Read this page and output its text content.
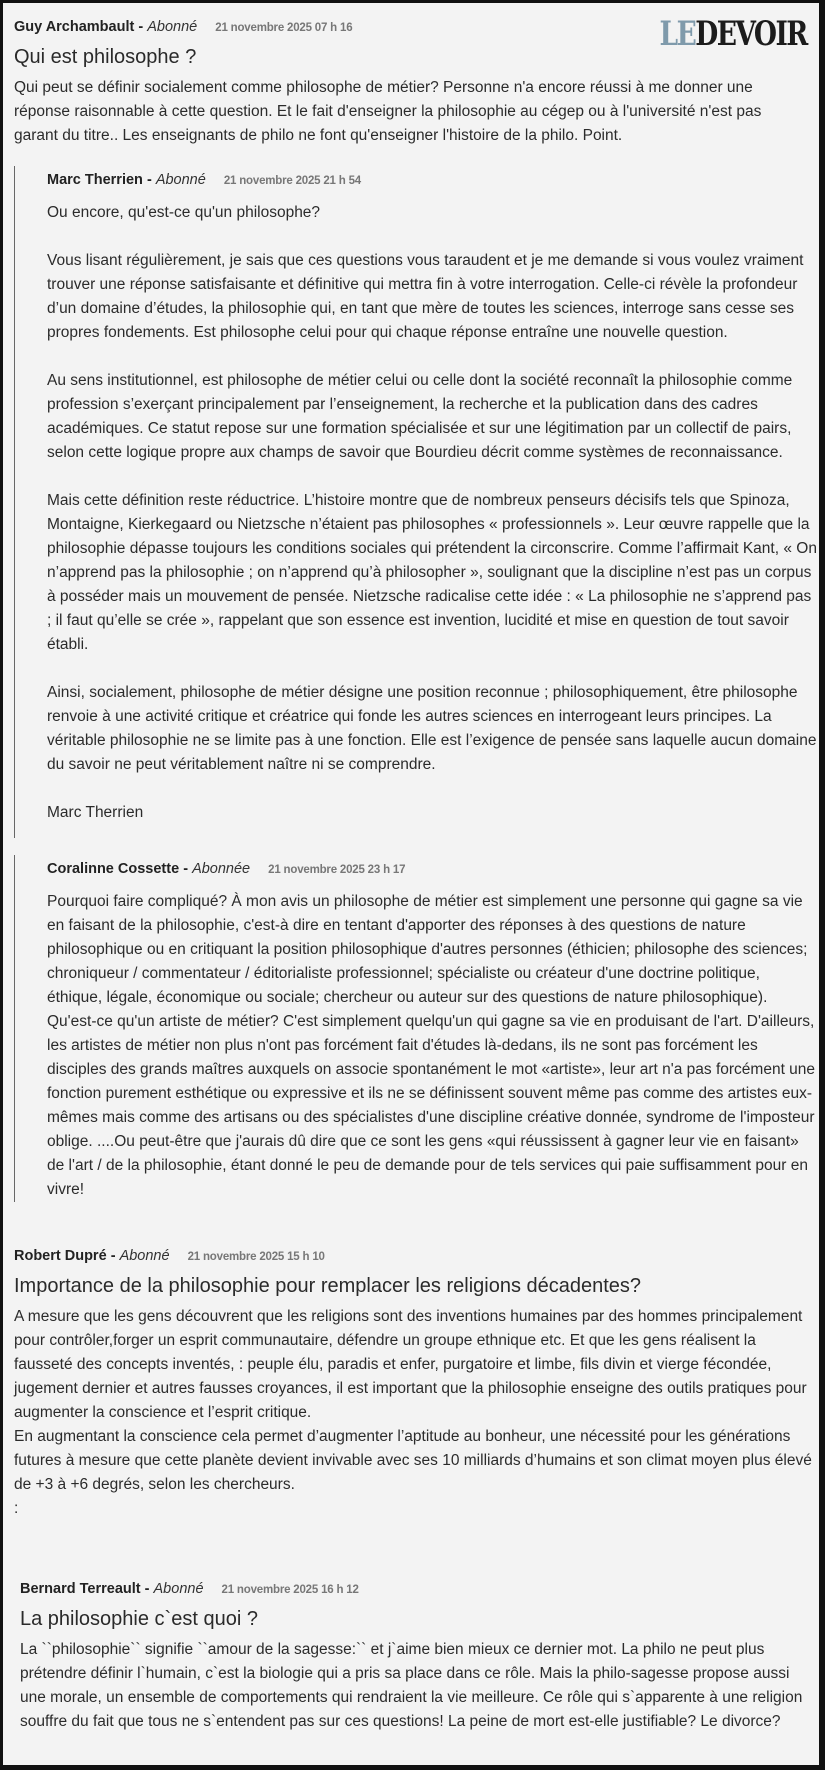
LEDEVOIR
Guy Archambault - Abonné 21 novembre 2025 07 h 16
Qui est philosophe ?

Qui peut se définir socialement comme philosophe de métier? Personne n'a encore réussi à me donner une réponse raisonnable à cette question. Et le fait d'enseigner la philosophie au cégep ou à l'université n'est pas garant du titre.. Les enseignants de philo ne font qu'enseigner l'histoire de la philo. Point.

Marc Therrien - Abonné 21 novembre 2025 21 h 54

Ou encore, qu'est-ce qu'un philosophe?

Vous lisant régulièrement, je sais que ces questions vous taraudent et je me demande si vous voulez vraiment trouver une réponse satisfaisante et définitive qui mettra fin à votre interrogation. Celle-ci révèle la profondeur d’un domaine d’études, la philosophie qui, en tant que mère de toutes les sciences, interroge sans cesse ses propres fondements. Est philosophe celui pour qui chaque réponse entraîne une nouvelle question.

Au sens institutionnel, est philosophe de métier celui ou celle dont la société reconnaît la philosophie comme profession s’exerçant principalement par l’enseignement, la recherche et la publication dans des cadres académiques. Ce statut repose sur une formation spécialisée et sur une légitimation par un collectif de pairs, selon cette logique propre aux champs de savoir que Bourdieu décrit comme systèmes de reconnaissance.

Mais cette définition reste réductrice. L’histoire montre que de nombreux penseurs décisifs tels que Spinoza, Montaigne, Kierkegaard ou Nietzsche n’étaient pas philosophes « professionnels ». Leur œuvre rappelle que la philosophie dépasse toujours les conditions sociales qui prétendent la circonscrire. Comme l’affirmait Kant, « On n’apprend pas la philosophie ; on n’apprend qu’à philosopher », soulignant que la discipline n’est pas un corpus à posséder mais un mouvement de pensée. Nietzsche radicalise cette idée : « La philosophie ne s’apprend pas ; il faut qu’elle se crée », rappelant que son essence est invention, lucidité et mise en question de tout savoir établi.

Ainsi, socialement, philosophe de métier désigne une position reconnue ; philosophiquement, être philosophe renvoie à une activité critique et créatrice qui fonde les autres sciences en interrogeant leurs principes. La véritable philosophie ne se limite pas à une fonction. Elle est l’exigence de pensée sans laquelle aucun domaine du savoir ne peut véritablement naître ni se comprendre.

Marc Therrien

Coralinne Cossette - Abonnée 21 novembre 2025 23 h 17

Pourquoi faire compliqué? À mon avis un philosophe de métier est simplement une personne qui gagne sa vie en faisant de la philosophie, c'est-à dire en tentant d'apporter des réponses à des questions de nature philosophique ou en critiquant la position philosophique d'autres personnes (éthicien; philosophe des sciences; chroniqueur / commentateur / éditorialiste professionnel; spécialiste ou créateur d'une doctrine politique, éthique, légale, économique ou sociale; chercheur ou auteur sur des questions de nature philosophique). Qu'est-ce qu'un artiste de métier? C'est simplement quelqu'un qui gagne sa vie en produisant de l'art. D'ailleurs, les artistes de métier non plus n'ont pas forcément fait d'études là-dedans, ils ne sont pas forcément les disciples des grands maîtres auxquels on associe spontanément le mot «artiste», leur art n'a pas forcément une fonction purement esthétique ou expressive et ils ne se définissent souvent même pas comme des artistes eux-mêmes mais comme des artisans ou des spécialistes d'une discipline créative donnée, syndrome de l'imposteur oblige. ....Ou peut-être que j'aurais dû dire que ce sont les gens «qui réussissent à gagner leur vie en faisant» de l'art / de la philosophie, étant donné le peu de demande pour de tels services qui paie suffisamment pour en vivre!

Robert Dupré - Abonné 21 novembre 2025 15 h 10
Importance de la philosophie pour remplacer les religions décadentes?

A mesure que les gens découvrent que les religions sont des inventions humaines par des hommes principalement pour contrôler,forger un esprit communautaire, défendre un groupe ethnique etc. Et que les gens réalisent la fausseté des concepts inventés, : peuple élu, paradis et enfer, purgatoire et limbe, fils divin et vierge fécondée, jugement dernier et autres fausses croyances, il est important que la philosophie enseigne des outils pratiques pour augmenter la conscience et l’esprit critique.

En augmentant la conscience cela permet d’augmenter l’aptitude au bonheur, une nécessité pour les générations futures à mesure que cette planète devient invivable avec ses 10 milliards d’humains et son climat moyen plus élevé de +3 à +6 degrés, selon les chercheurs.

:

Bernard Terreault - Abonné 21 novembre 2025 16 h 12
La philosophie c`est quoi ?

La ``philosophie`` signifie ``amour de la sagesse:`` et j`aime bien mieux ce dernier mot. La philo ne peut plus prétendre définir l`humain, c`est la biologie qui a pris sa place dans ce rôle. Mais la philo-sagesse propose aussi une morale, un ensemble de comportements qui rendraient la vie meilleure. Ce rôle qui s`apparente à une religion souffre du fait que tous ne s`entendent pas sur ces questions! La peine de mort est-elle justifiable? Le divorce?
